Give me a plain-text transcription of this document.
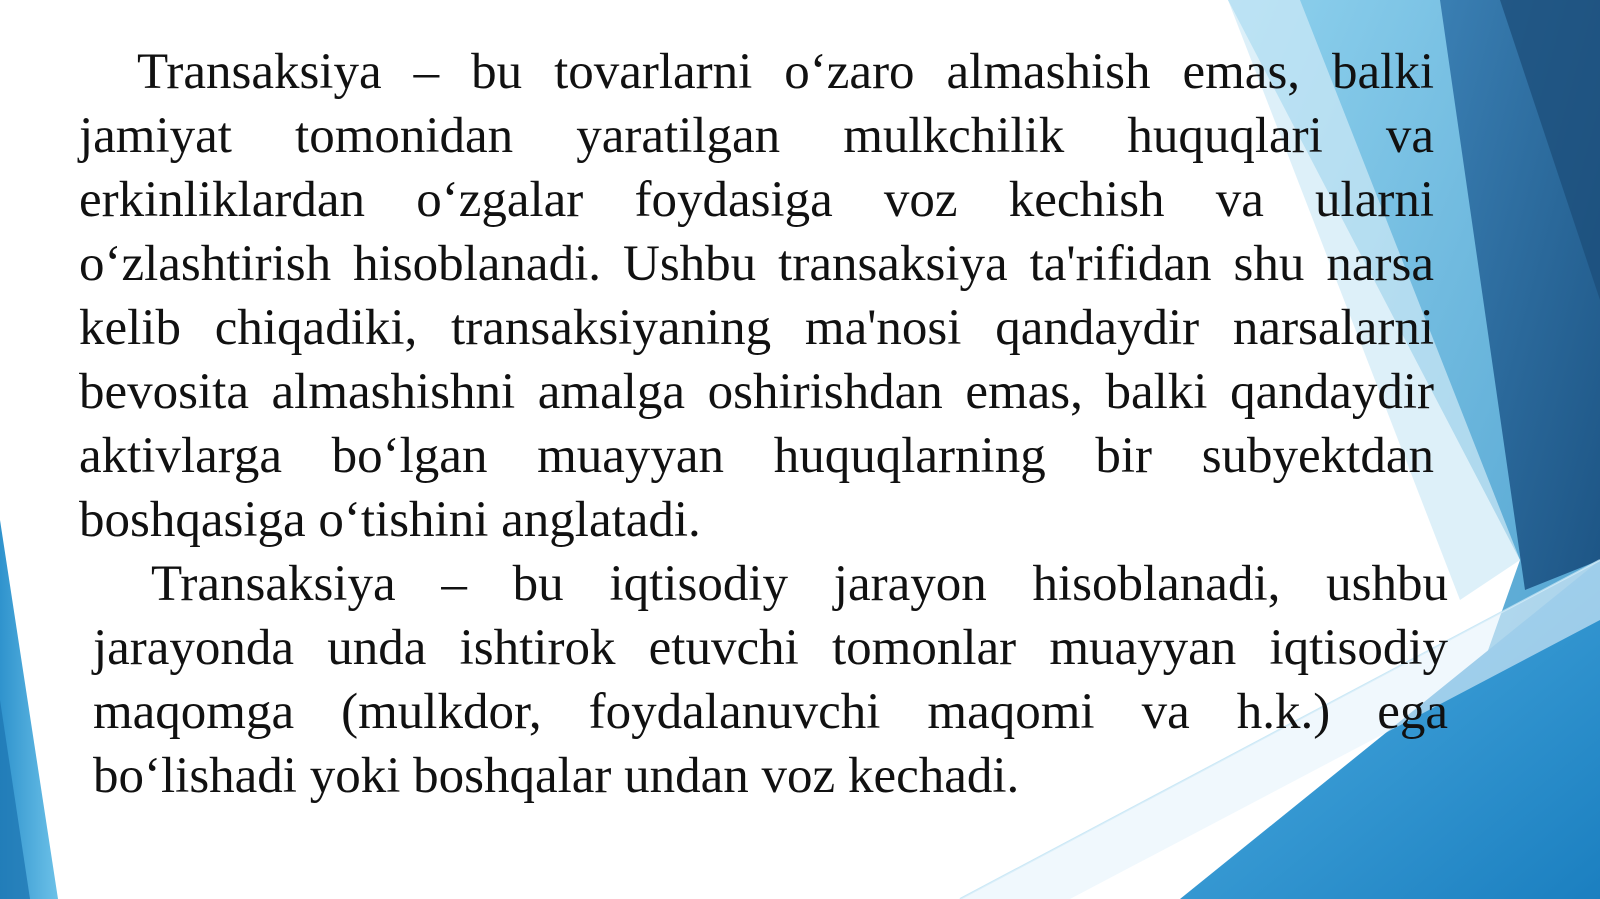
Transaksiya – bu tovarlarni o‘zaro almashish emas, balki jamiyat tomonidan yaratilgan mulkchilik huquqlari va erkinliklardan o‘zgalar foydasiga voz kechish va ularni o‘zlashtirish hisoblanadi. Ushbu transaksiya ta'rifidan shu narsa kelib chiqadiki, transaksiyaning ma'nosi qandaydir narsalarni bevosita almashishni amalga oshirishdan emas, balki qandaydir aktivlarga bo‘lgan muayyan huquqlarning bir subyektdan boshqasiga o‘tishini anglatadi.

Transaksiya – bu iqtisodiy jarayon hisoblanadi, ushbu jarayonda unda ishtirok etuvchi tomonlar muayyan iqtisodiy maqomga (mulkdor, foydalanuvchi maqomi va h.k.) ega bo‘lishadi yoki boshqalar undan voz kechadi.
